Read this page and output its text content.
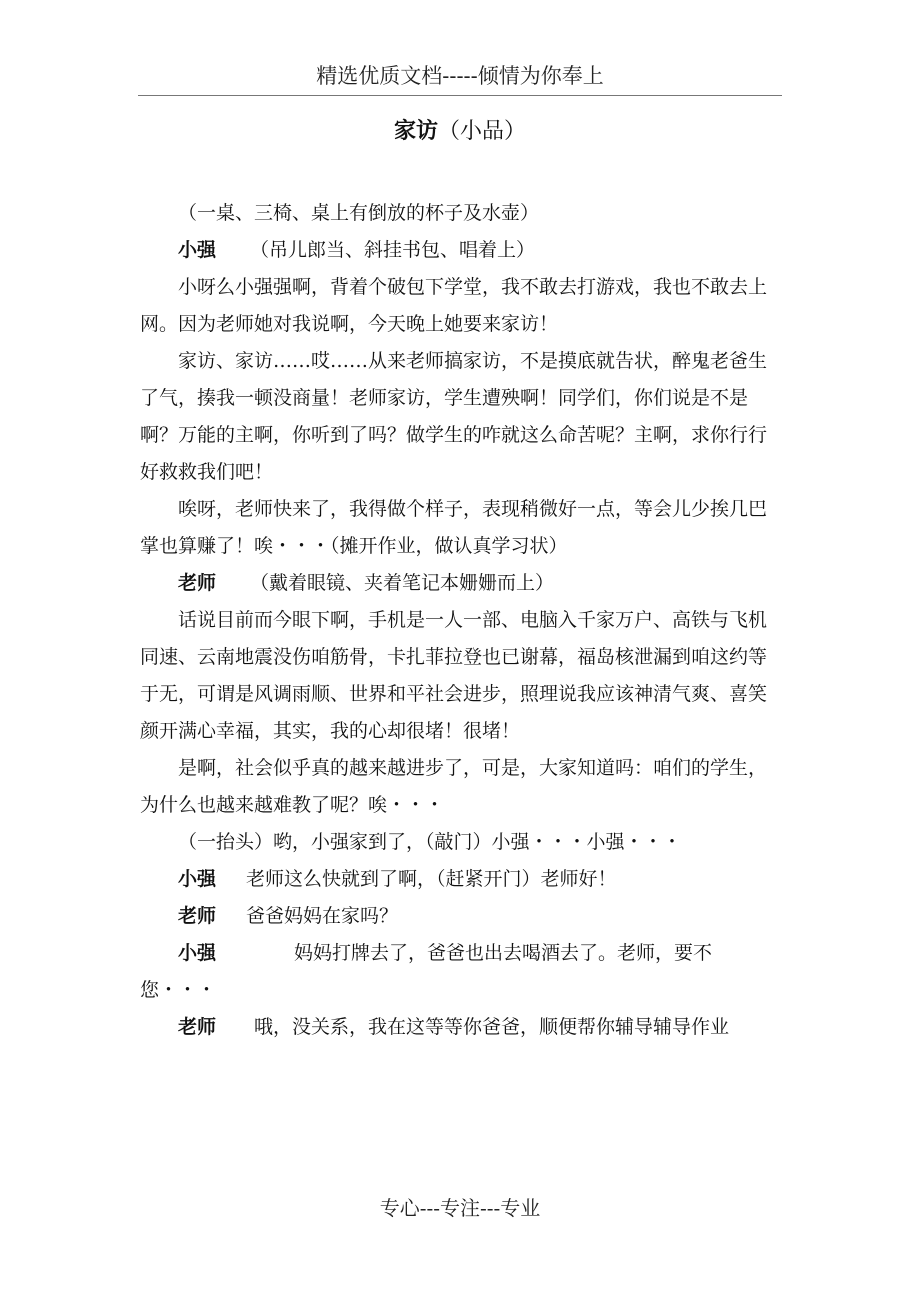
精选优质文档-----倾情为你奉上
家访（小品）

（一桌、三椅、桌上有倒放的杯子及水壶）

小强 （吊儿郎当、斜挂书包、唱着上）

小呀么小强强啊，背着个破包下学堂，我不敢去打游戏，我也不敢去上网。因为老师她对我说啊，今天晚上她要来家访！

家访、家访……哎……从来老师搞家访，不是摸底就告状，醉鬼老爸生了气，揍我一顿没商量！老师家访，学生遭殃啊！同学们，你们说是不是啊？万能的主啊，你听到了吗？做学生的咋就这么命苦呢？主啊，求你行行好救救我们吧！

唉呀，老师快来了，我得做个样子，表现稍微好一点，等会儿少挨几巴掌也算赚了！唉・・・（摊开作业，做认真学习状）

老师 （戴着眼镜、夹着笔记本姗姗而上）

话说目前而今眼下啊，手机是一人一部、电脑入千家万户、高铁与飞机同速、云南地震没伤咱筋骨，卡扎菲拉登也已谢幕，福岛核泄漏到咱这约等于无，可谓是风调雨顺、世界和平社会进步，照理说我应该神清气爽、喜笑颜开满心幸福，其实，我的心却很堵！很堵！

是啊，社会似乎真的越来越进步了，可是，大家知道吗：咱们的学生，为什么也越来越难教了呢？唉・・・

（一抬头）哟，小强家到了，（敲门）小强・・・小强・・・

小强 老师这么快就到了啊，（赶紧开门）老师好！

老师 爸爸妈妈在家吗？

小强	妈妈打牌去了，爸爸也出去喝酒去了。老师，要不您・・・

老师 哦，没关系，我在这等等你爸爸，顺便帮你辅导辅导作业

专心---专注---专业
